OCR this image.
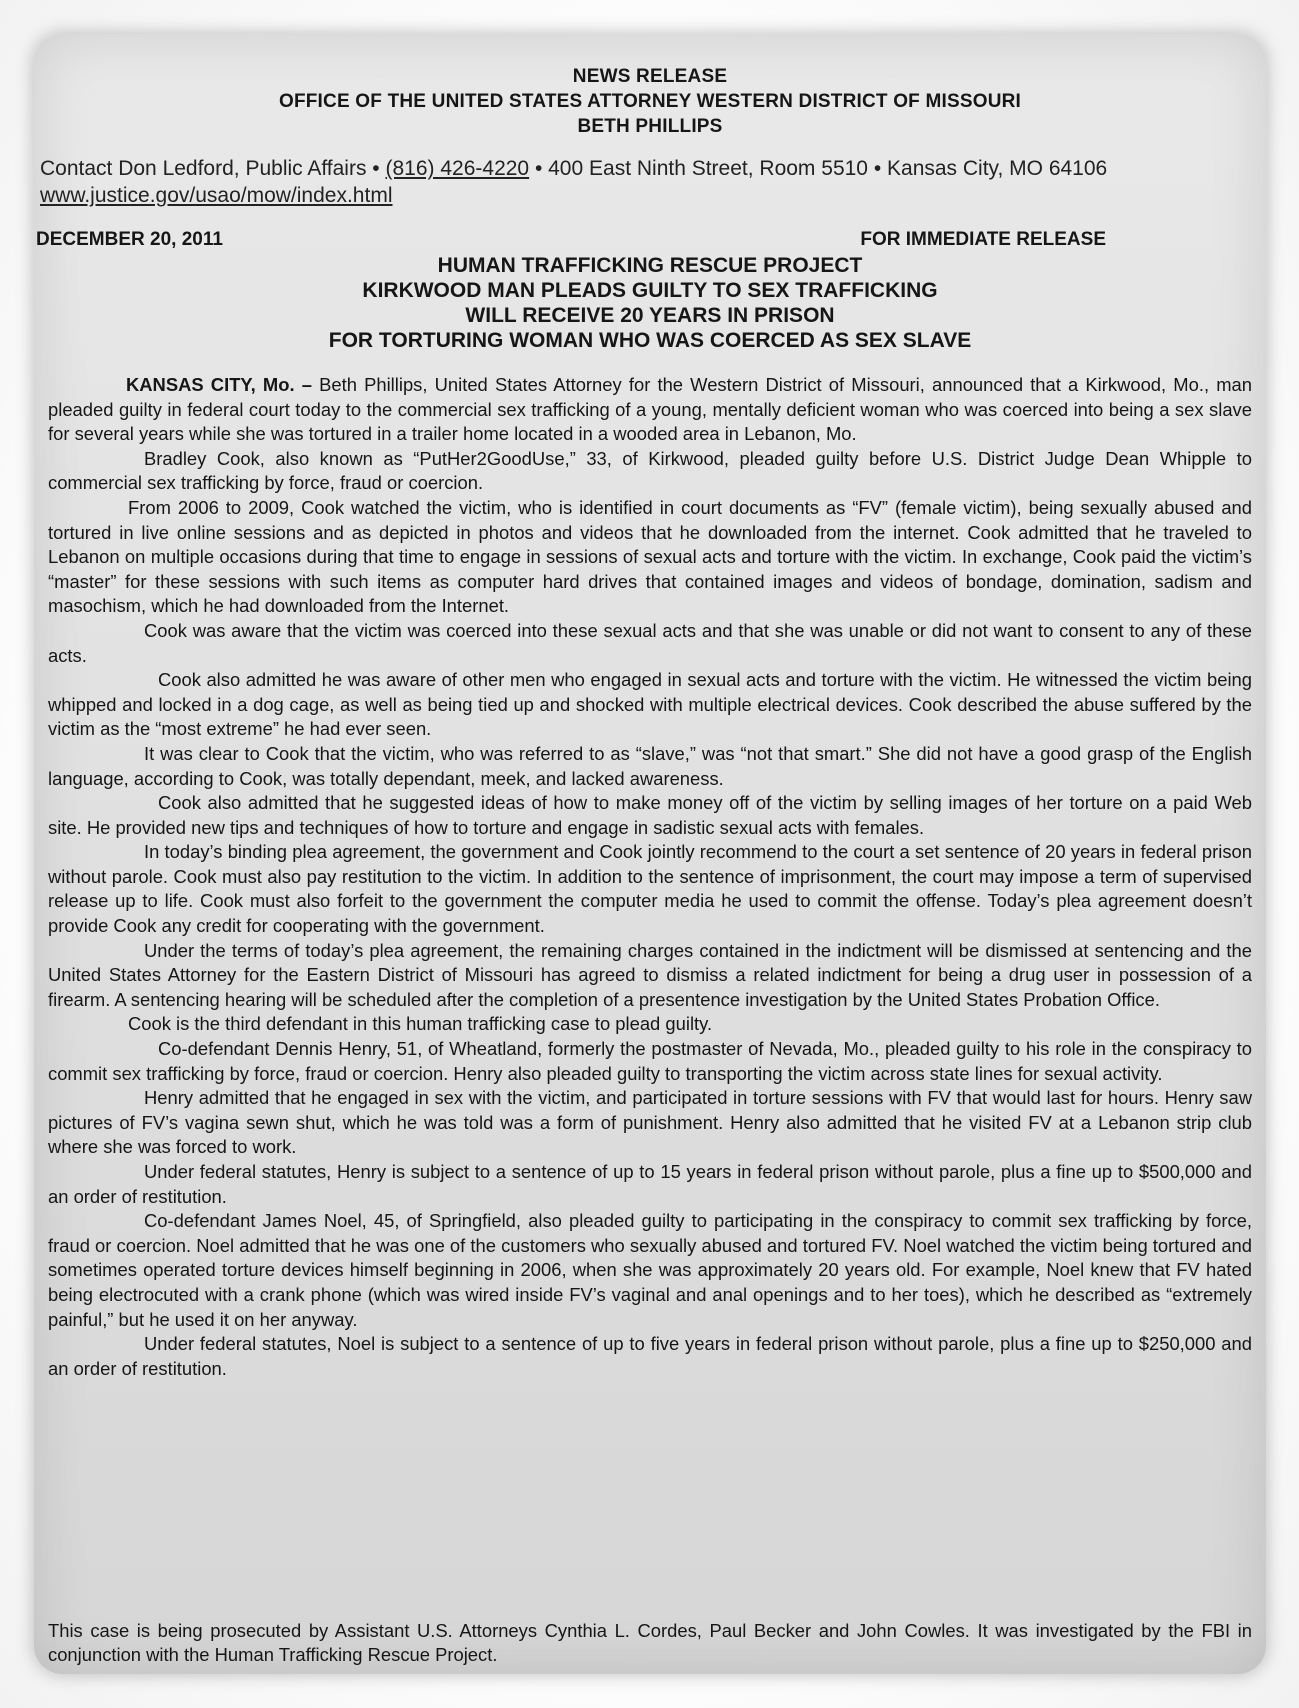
NEWS RELEASE
OFFICE OF THE UNITED STATES ATTORNEY WESTERN DISTRICT OF MISSOURI
BETH PHILLIPS
Contact Don Ledford, Public Affairs • (816) 426-4220 • 400 East Ninth Street, Room 5510 • Kansas City, MO 64106 www.justice.gov/usao/mow/index.html
DECEMBER 20, 2011	FOR IMMEDIATE RELEASE
HUMAN TRAFFICKING RESCUE PROJECT
KIRKWOOD MAN PLEADS GUILTY TO SEX TRAFFICKING
WILL RECEIVE 20 YEARS IN PRISON
FOR TORTURING WOMAN WHO WAS COERCED AS SEX SLAVE

KANSAS CITY, Mo. – Beth Phillips, United States Attorney for the Western District of Missouri, announced that a Kirkwood, Mo., man pleaded guilty in federal court today to the commercial sex trafficking of a young, mentally deficient woman who was coerced into being a sex slave for several years while she was tortured in a trailer home located in a wooded area in Lebanon, Mo.

Bradley Cook, also known as “PutHer2GoodUse,” 33, of Kirkwood, pleaded guilty before U.S. District Judge Dean Whipple to commercial sex trafficking by force, fraud or coercion.

From 2006 to 2009, Cook watched the victim, who is identified in court documents as “FV” (female victim), being sexually abused and tortured in live online sessions and as depicted in photos and videos that he downloaded from the internet. Cook admitted that he traveled to Lebanon on multiple occasions during that time to engage in sessions of sexual acts and torture with the victim. In exchange, Cook paid the victim’s “master” for these sessions with such items as computer hard drives that contained images and videos of bondage, domination, sadism and masochism, which he had downloaded from the Internet.

Cook was aware that the victim was coerced into these sexual acts and that she was unable or did not want to consent to any of these acts.

Cook also admitted he was aware of other men who engaged in sexual acts and torture with the victim. He witnessed the victim being whipped and locked in a dog cage, as well as being tied up and shocked with multiple electrical devices. Cook described the abuse suffered by the victim as the “most extreme” he had ever seen.

It was clear to Cook that the victim, who was referred to as “slave,” was “not that smart.” She did not have a good grasp of the English language, according to Cook, was totally dependant, meek, and lacked awareness.

Cook also admitted that he suggested ideas of how to make money off of the victim by selling images of her torture on a paid Web site. He provided new tips and techniques of how to torture and engage in sadistic sexual acts with females.

In today’s binding plea agreement, the government and Cook jointly recommend to the court a set sentence of 20 years in federal prison without parole. Cook must also pay restitution to the victim. In addition to the sentence of imprisonment, the court may impose a term of supervised release up to life. Cook must also forfeit to the government the computer media he used to commit the offense. Today’s plea agreement doesn’t provide Cook any credit for cooperating with the government.

Under the terms of today’s plea agreement, the remaining charges contained in the indictment will be dismissed at sentencing and the United States Attorney for the Eastern District of Missouri has agreed to dismiss a related indictment for being a drug user in possession of a firearm. A sentencing hearing will be scheduled after the completion of a presentence investigation by the United States Probation Office.

Cook is the third defendant in this human trafficking case to plead guilty.

Co-defendant Dennis Henry, 51, of Wheatland, formerly the postmaster of Nevada, Mo., pleaded guilty to his role in the conspiracy to commit sex trafficking by force, fraud or coercion. Henry also pleaded guilty to transporting the victim across state lines for sexual activity.

Henry admitted that he engaged in sex with the victim, and participated in torture sessions with FV that would last for hours. Henry saw pictures of FV’s vagina sewn shut, which he was told was a form of punishment. Henry also admitted that he visited FV at a Lebanon strip club where she was forced to work.

Under federal statutes, Henry is subject to a sentence of up to 15 years in federal prison without parole, plus a fine up to $500,000 and an order of restitution.

Co-defendant James Noel, 45, of Springfield, also pleaded guilty to participating in the conspiracy to commit sex trafficking by force, fraud or coercion. Noel admitted that he was one of the customers who sexually abused and tortured FV. Noel watched the victim being tortured and sometimes operated torture devices himself beginning in 2006, when she was approximately 20 years old. For example, Noel knew that FV hated being electrocuted with a crank phone (which was wired inside FV’s vaginal and anal openings and to her toes), which he described as “extremely painful,” but he used it on her anyway.

Under federal statutes, Noel is subject to a sentence of up to five years in federal prison without parole, plus a fine up to $250,000 and an order of restitution.

This case is being prosecuted by Assistant U.S. Attorneys Cynthia L. Cordes, Paul Becker and John Cowles. It was investigated by the FBI in conjunction with the Human Trafficking Rescue Project.
